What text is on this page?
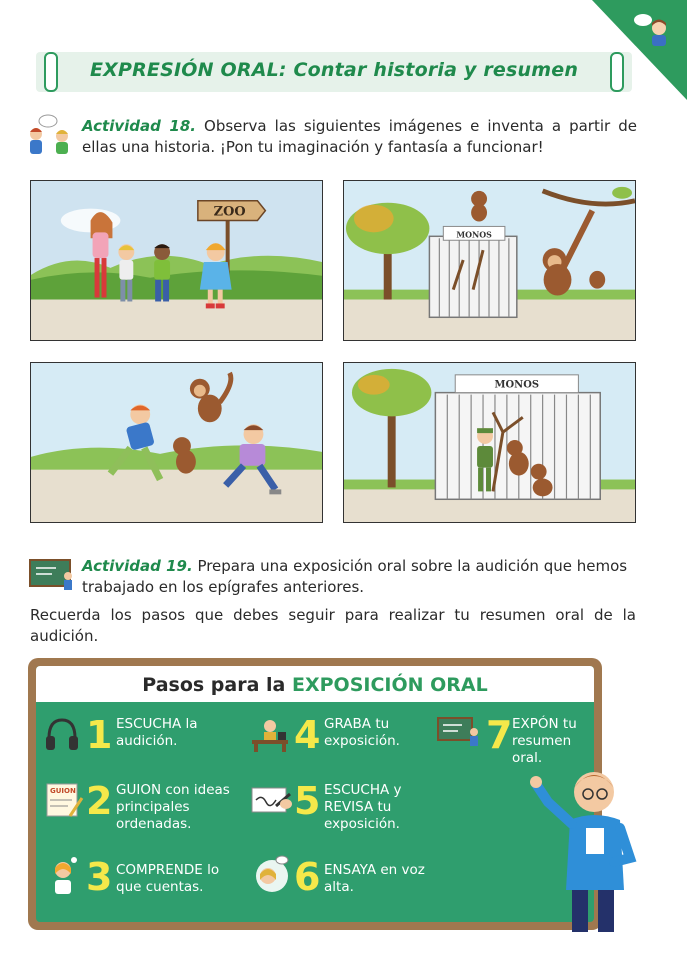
EXPRESIÓN ORAL: Contar historia y resumen
Actividad 18. Observa las siguientes imágenes e inventa a partir de ellas una historia. ¡Pon tu imaginación y fantasía a funcionar!
ZOO
MONOS
MONOS
Actividad 19. Prepara una exposición oral sobre la audición que hemos trabajado en los epígrafes anteriores.
Recuerda los pasos que debes seguir para realizar tu resumen oral de la audición.
Pasos para la EXPOSICIÓN ORAL
1 ESCUCHA la audición.
GUION 2 GUION con ideas principales ordenadas.
3 COMPRENDE lo que cuentas.
4 GRABA tu exposición.
5 ESCUCHA y REVISA tu exposición.
6 ENSAYA en voz alta.
7 EXPÓN tu resumen oral.
